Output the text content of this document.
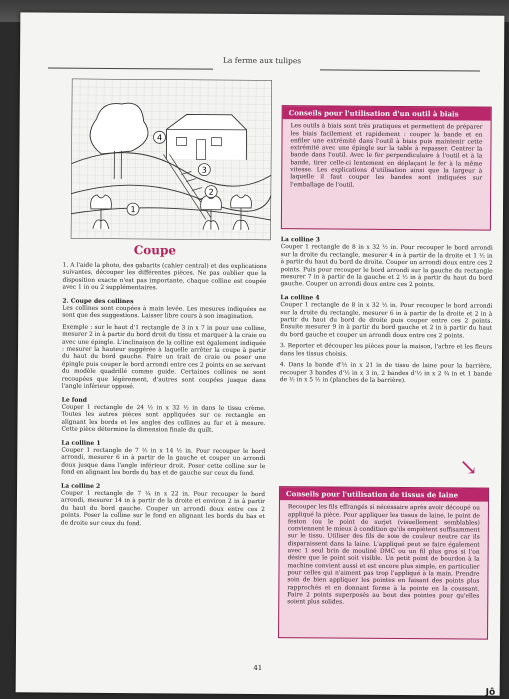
La ferme aux tulipes
1
2
3
4
Coupe

1. A l'aide la photo, des gabarits (cahier central) et des explications suivantes, découper les différentes pièces. Ne pas oublier que la disposition exacte n'est pas importante, chaque colline est coupée avec 1 in ou 2 supplémentaires.

2. Coupe des collines

Les collines sont coupées à main levée. Les mesures indiquées ne sont que des suggestions. Laisser libre cours à son imagination.

Exemple : sur le haut d'1 rectangle de 3 in x 7 in pour une colline, mesurer 2 in à partir du bord droit du tissu et marquer à la craie ou avec une épingle. L'inclinaison de la colline est également indiquée : mesurer la hauteur suggérée à laquelle arrêter la coupe à partir du haut du bord gauche. Faire un trait de craie ou poser une épingle puis couper le bord arrondi entre ces 2 points en se servant du modèle quadrillé comme guide. Certaines collines ne sont recoupées que légèrement, d'autres sont coupées jusque dans l'angle inférieur opposé.

Le fond

Couper 1 rectangle de 24 ½ in x 32 ½ in dans le tissu crème. Toutes les autres pièces sont appliquées sur ce rectangle en alignant les bords et les angles des collines au fur et à mesure. Cette pièce détermine la dimension finale du quilt.

La colline 1

Couper 1 rectangle de 7 ½ in x 14 ½ in. Pour recouper le bord arrondi, mesurer 6 in à partir de la gauche et couper un arrondi doux jusque dans l'angle inférieur droit. Poser cette colline sur le fond en alignant les bords du bas et de gauche sur ceux du fond.

La colline 2

Couper 1 rectangle de 7 ¼ in x 22 in. Pour recouper le bord arrondi, mesurer 14 in à partir de la droite et environ 2 in à partir du haut du bord gauche. Couper un arrondi doux entre ces 2 points. Poser la colline sur le fond en alignant les bords du bas et de droite sur ceux du fond.

Conseils pour l'utilisation d'un outil à biais
Les outils à biais sont très pratiques et permettent de préparer les biais facilement et rapidement : couper la bande et en enfiler une extrémité dans l'outil à biais puis maintenir cette extrémité avec une épingle sur la table à repasser. Centrer la bande dans l'outil. Avec le fer perpendiculaire à l'outil et à la bande, tirer celle-ci lentement en déplaçant le fer à la même vitesse. Les explications d'utilisation ainsi que la largeur à laquelle il faut couper les bandes sont indiquées sur l'emballage de l'outil.
La colline 3

Couper 1 rectangle de 8 in x 32 ½ in. Pour recouper le bord arrondi sur la droite du rectangle, mesurer 4 in à partir de la droite et 1 ½ in à partir du haut du bord de droite. Couper un arrondi doux entre ces 2 points. Puis pour recouper le bord arrondi sur la gauche du rectangle mesurer 7 in à partir de la gauche et 2 ½ in à partir du haut du bord gauche. Couper un arrondi doux entre ces 2 points.

La colline 4

Couper 1 rectangle de 8 in x 32 ½ in. Pour recouper le bord arrondi sur la droite du rectangle, mesurer 6 in à partir de la droite et 2 in à partir du haut du bord de droite puis couper entre ces 2 points. Ensuite mesurer 9 in à partir du bord gauche et 2 in à partir du haut du bord gauche et couper un arrondi doux entre ces 2 points.

3. Reporter et découper les pièces pour la maison, l'arbre et les fleurs dans les tissus choisis.

4. Dans la bande d'½ in x 21 in de tissu de laine pour la barrière, recouper 3 bandes d'½ in x 3 in, 2 bandes d'½ in x 2 ¾ in et 1 bande de ½ in x 5 ½ in (planches de la barrière).

↘
Conseils pour l'utilisation de tissus de laine
Recouper les fils effrangés si nécessaire après avoir découpé ou appliqué la pièce. Pour appliquer les tissus de laine, le point de feston (ou le point de surjet (visuellement semblables) conviennent le mieux à condition qu'ils empiètent suffisamment sur le tissu. Utiliser des fils de soie de couleur neutre car ils disparaissent dans la laine. L'appliqué peut se faire également avec 1 seul brin de mouliné DMC ou un fil plus gros si l'on désire que le point soit visible. Un petit point de bourdon à la machine convient aussi et est encore plus simple, en particulier pour celles qui n'aiment pas trop l'appliqué à la main. Prendre soin de bien appliquer les pointes en faisant des points plus rapprochés et en donnant forme à la pointe en la coussant. Faire 2 points superposés au bout des pointes pour qu'elles soient plus solides.
41
Jô
